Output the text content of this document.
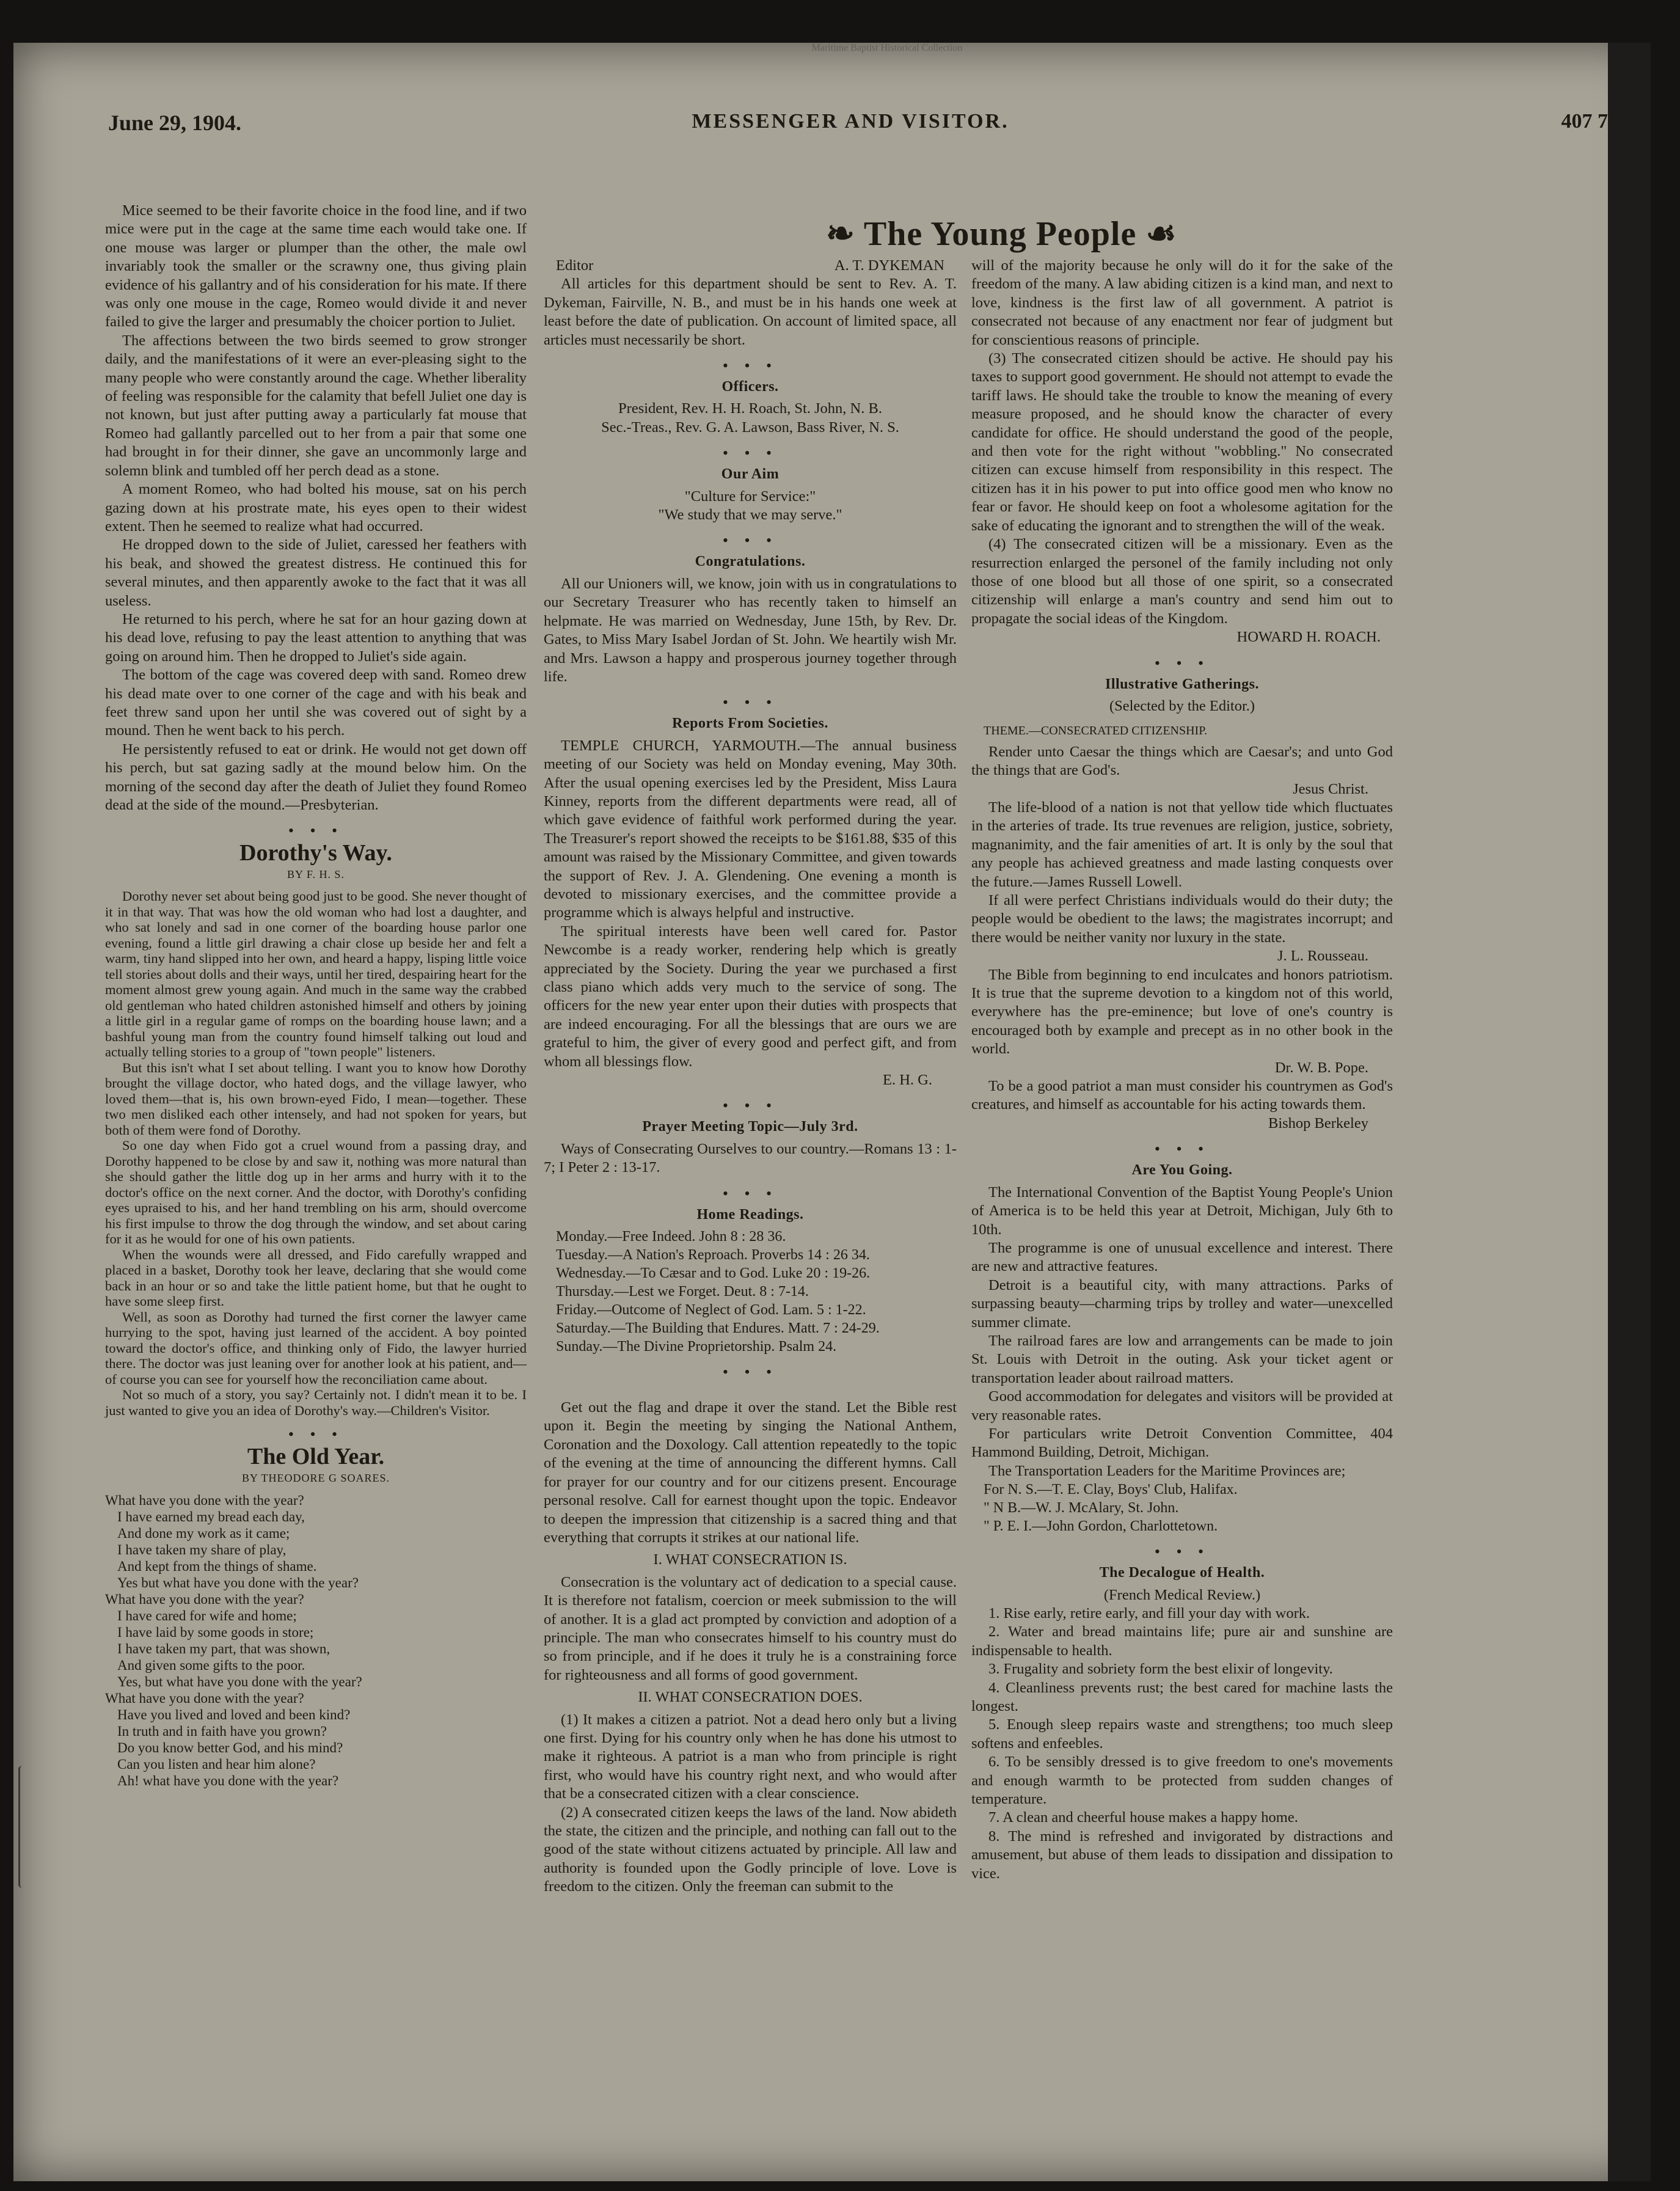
Maritime Baptist Historical Collection
June 29, 1904.	MESSENGER AND VISITOR.	407 7

Mice seemed to be their favorite choice in the food line, and if two mice were put in the cage at the same time each would take one. If one mouse was larger or plumper than the other, the male owl invariably took the smaller or the scrawny one, thus giving plain evidence of his gallantry and of his consideration for his mate. If there was only one mouse in the cage, Romeo would divide it and never failed to give the larger and presumably the choicer portion to Juliet.

The affections between the two birds seemed to grow stronger daily, and the manifestations of it were an ever-pleasing sight to the many people who were constantly around the cage. Whether liberality of feeling was responsible for the calamity that befell Juliet one day is not known, but just after putting away a particularly fat mouse that Romeo had gallantly parcelled out to her from a pair that some one had brought in for their dinner, she gave an uncommonly large and solemn blink and tumbled off her perch dead as a stone.

A moment Romeo, who had bolted his mouse, sat on his perch gazing down at his prostrate mate, his eyes open to their widest extent. Then he seemed to realize what had occurred.

He dropped down to the side of Juliet, caressed her feathers with his beak, and showed the greatest distress. He continued this for several minutes, and then apparently awoke to the fact that it was all useless.

He returned to his perch, where he sat for an hour gazing down at his dead love, refusing to pay the least attention to anything that was going on around him. Then he dropped to Juliet's side again.

The bottom of the cage was covered deep with sand. Romeo drew his dead mate over to one corner of the cage and with his beak and feet threw sand upon her until she was covered out of sight by a mound. Then he went back to his perch.

He persistently refused to eat or drink. He would not get down off his perch, but sat gazing sadly at the mound below him. On the morning of the second day after the death of Juliet they found Romeo dead at the side of the mound.—Presbyterian.

• • •
Dorothy's Way.
BY F. H. S.

Dorothy never set about being good just to be good. She never thought of it in that way. That was how the old woman who had lost a daughter, and who sat lonely and sad in one corner of the boarding house parlor one evening, found a little girl drawing a chair close up beside her and felt a warm, tiny hand slipped into her own, and heard a happy, lisping little voice tell stories about dolls and their ways, until her tired, despairing heart for the moment almost grew young again. And much in the same way the crabbed old gentleman who hated children astonished himself and others by joining a little girl in a regular game of romps on the boarding house lawn; and a bashful young man from the country found himself talking out loud and actually telling stories to a group of "town people" listeners.

But this isn't what I set about telling. I want you to know how Dorothy brought the village doctor, who hated dogs, and the village lawyer, who loved them—that is, his own brown-eyed Fido, I mean—together. These two men disliked each other intensely, and had not spoken for years, but both of them were fond of Dorothy.

So one day when Fido got a cruel wound from a passing dray, and Dorothy happened to be close by and saw it, nothing was more natural than she should gather the little dog up in her arms and hurry with it to the doctor's office on the next corner. And the doctor, with Dorothy's confiding eyes upraised to his, and her hand trembling on his arm, should overcome his first impulse to throw the dog through the window, and set about caring for it as he would for one of his own patients.

When the wounds were all dressed, and Fido carefully wrapped and placed in a basket, Dorothy took her leave, declaring that she would come back in an hour or so and take the little patient home, but that he ought to have some sleep first.

Well, as soon as Dorothy had turned the first corner the lawyer came hurrying to the spot, having just learned of the accident. A boy pointed toward the doctor's office, and thinking only of Fido, the lawyer hurried there. The doctor was just leaning over for another look at his patient, and—of course you can see for yourself how the reconciliation came about.

Not so much of a story, you say? Certainly not. I didn't mean it to be. I just wanted to give you an idea of Dorothy's way.—Children's Visitor.

• • •
The Old Year.
BY THEODORE G SOARES.
What have you done with the year?
I have earned my bread each day,
And done my work as it came;
I have taken my share of play,
And kept from the things of shame.
Yes but what have you done with the year?
What have you done with the year?
I have cared for wife and home;
I have laid by some goods in store;
I have taken my part, that was shown,
And given some gifts to the poor.
Yes, but what have you done with the year?
What have you done with the year?
Have you lived and loved and been kind?
In truth and in faith have you grown?
Do you know better God, and his mind?
Can you listen and hear him alone?
Ah! what have you done with the year?
❧ The Young People ☙
Editor	A. T. DYKEMAN

All articles for this department should be sent to Rev. A. T. Dykeman, Fairville, N. B., and must be in his hands one week at least before the date of publication. On account of limited space, all articles must necessarily be short.

• • •
Officers.
President, Rev. H. H. Roach, St. John, N. B.
Sec.-Treas., Rev. G. A. Lawson, Bass River, N. S.
• • •
Our Aim
"Culture for Service:"
"We study that we may serve."
• • •
Congratulations.

All our Unioners will, we know, join with us in congratulations to our Secretary Treasurer who has recently taken to himself an helpmate. He was married on Wednesday, June 15th, by Rev. Dr. Gates, to Miss Mary Isabel Jordan of St. John. We heartily wish Mr. and Mrs. Lawson a happy and prosperous journey together through life.

• • •
Reports From Societies.

TEMPLE CHURCH, YARMOUTH.—The annual business meeting of our Society was held on Monday evening, May 30th. After the usual opening exercises led by the President, Miss Laura Kinney, reports from the different departments were read, all of which gave evidence of faithful work performed during the year. The Treasurer's report showed the receipts to be $161.88, $35 of this amount was raised by the Missionary Committee, and given towards the support of Rev. J. A. Glendening. One evening a month is devoted to missionary exercises, and the committee provide a programme which is always helpful and instructive.

The spiritual interests have been well cared for. Pastor Newcombe is a ready worker, rendering help which is greatly appreciated by the Society. During the year we purchased a first class piano which adds very much to the service of song. The officers for the new year enter upon their duties with prospects that are indeed encouraging. For all the blessings that are ours we are grateful to him, the giver of every good and perfect gift, and from whom all blessings flow.

E. H. G.
• • •
Prayer Meeting Topic—July 3rd.

Ways of Consecrating Ourselves to our country.—Romans 13 : 1-7; I Peter 2 : 13-17.

• • •
Home Readings.
Monday.—Free Indeed. John 8 : 28 36.
Tuesday.—A Nation's Reproach. Proverbs 14 : 26 34.
Wednesday.—To Cæsar and to God. Luke 20 : 19-26.
Thursday.—Lest we Forget. Deut. 8 : 7-14.
Friday.—Outcome of Neglect of God. Lam. 5 : 1-22.
Saturday.—The Building that Endures. Matt. 7 : 24-29.
Sunday.—The Divine Proprietorship. Psalm 24.
• • •

Get out the flag and drape it over the stand. Let the Bible rest upon it. Begin the meeting by singing the National Anthem, Coronation and the Doxology. Call attention repeatedly to the topic of the evening at the time of announcing the different hymns. Call for prayer for our country and for our citizens present. Encourage personal resolve. Call for earnest thought upon the topic. Endeavor to deepen the impression that citizenship is a sacred thing and that everything that corrupts it strikes at our national life.

I. WHAT CONSECRATION IS.

Consecration is the voluntary act of dedication to a special cause. It is therefore not fatalism, coercion or meek submission to the will of another. It is a glad act prompted by conviction and adoption of a principle. The man who consecrates himself to his country must do so from principle, and if he does it truly he is a constraining force for righteousness and all forms of good government.

II. WHAT CONSECRATION DOES.

(1) It makes a citizen a patriot. Not a dead hero only but a living one first. Dying for his country only when he has done his utmost to make it righteous. A patriot is a man who from principle is right first, who would have his country right next, and who would after that be a consecrated citizen with a clear conscience.

(2) A consecrated citizen keeps the laws of the land. Now abideth the state, the citizen and the principle, and nothing can fall out to the good of the state without citizens actuated by principle. All law and authority is founded upon the Godly principle of love. Love is freedom to the citizen. Only the freeman can submit to the

will of the majority because he only will do it for the sake of the freedom of the many. A law abiding citizen is a kind man, and next to love, kindness is the first law of all government. A patriot is consecrated not because of any enactment nor fear of judgment but for conscientious reasons of principle.

(3) The consecrated citizen should be active. He should pay his taxes to support good government. He should not attempt to evade the tariff laws. He should take the trouble to know the meaning of every measure proposed, and he should know the character of every candidate for office. He should understand the good of the people, and then vote for the right without "wobbling." No consecrated citizen can excuse himself from responsibility in this respect. The citizen has it in his power to put into office good men who know no fear or favor. He should keep on foot a wholesome agitation for the sake of educating the ignorant and to strengthen the will of the weak.

(4) The consecrated citizen will be a missionary. Even as the resurrection enlarged the personel of the family including not only those of one blood but all those of one spirit, so a consecrated citizenship will enlarge a man's country and send him out to propagate the social ideas of the Kingdom.

HOWARD H. ROACH.
• • •
Illustrative Gatherings.
(Selected by the Editor.)
THEME.—CONSECRATED CITIZENSHIP.

Render unto Caesar the things which are Caesar's; and unto God the things that are God's.

Jesus Christ.

The life-blood of a nation is not that yellow tide which fluctuates in the arteries of trade. Its true revenues are religion, justice, sobriety, magnanimity, and the fair amenities of art. It is only by the soul that any people has achieved greatness and made lasting conquests over the future.—James Russell Lowell.

If all were perfect Christians individuals would do their duty; the people would be obedient to the laws; the magistrates incorrupt; and there would be neither vanity nor luxury in the state.

J. L. Rousseau.

The Bible from beginning to end inculcates and honors patriotism. It is true that the supreme devotion to a kingdom not of this world, everywhere has the pre-eminence; but love of one's country is encouraged both by example and precept as in no other book in the world.

Dr. W. B. Pope.

To be a good patriot a man must consider his countrymen as God's creatures, and himself as accountable for his acting towards them.

Bishop Berkeley
• • •
Are You Going.

The International Convention of the Baptist Young People's Union of America is to be held this year at Detroit, Michigan, July 6th to 10th.

The programme is one of unusual excellence and interest. There are new and attractive features.

Detroit is a beautiful city, with many attractions. Parks of surpassing beauty—charming trips by trolley and water—unexcelled summer climate.

The railroad fares are low and arrangements can be made to join St. Louis with Detroit in the outing. Ask your ticket agent or transportation leader about railroad matters.

Good accommodation for delegates and visitors will be provided at very reasonable rates.

For particulars write Detroit Convention Committee, 404 Hammond Building, Detroit, Michigan.

The Transportation Leaders for the Maritime Provinces are;

For N. S.—T. E. Clay, Boys' Club, Halifax.
" N B.—W. J. McAlary, St. John.
" P. E. I.—John Gordon, Charlottetown.
• • •
The Decalogue of Health.
(French Medical Review.)

1. Rise early, retire early, and fill your day with work.

2. Water and bread maintains life; pure air and sunshine are indispensable to health.

3. Frugality and sobriety form the best elixir of longevity.

4. Cleanliness prevents rust; the best cared for machine lasts the longest.

5. Enough sleep repairs waste and strengthens; too much sleep softens and enfeebles.

6. To be sensibly dressed is to give freedom to one's movements and enough warmth to be protected from sudden changes of temperature.

7. A clean and cheerful house makes a happy home.

8. The mind is refreshed and invigorated by distractions and amusement, but abuse of them leads to dissipation and dissipation to vice.
